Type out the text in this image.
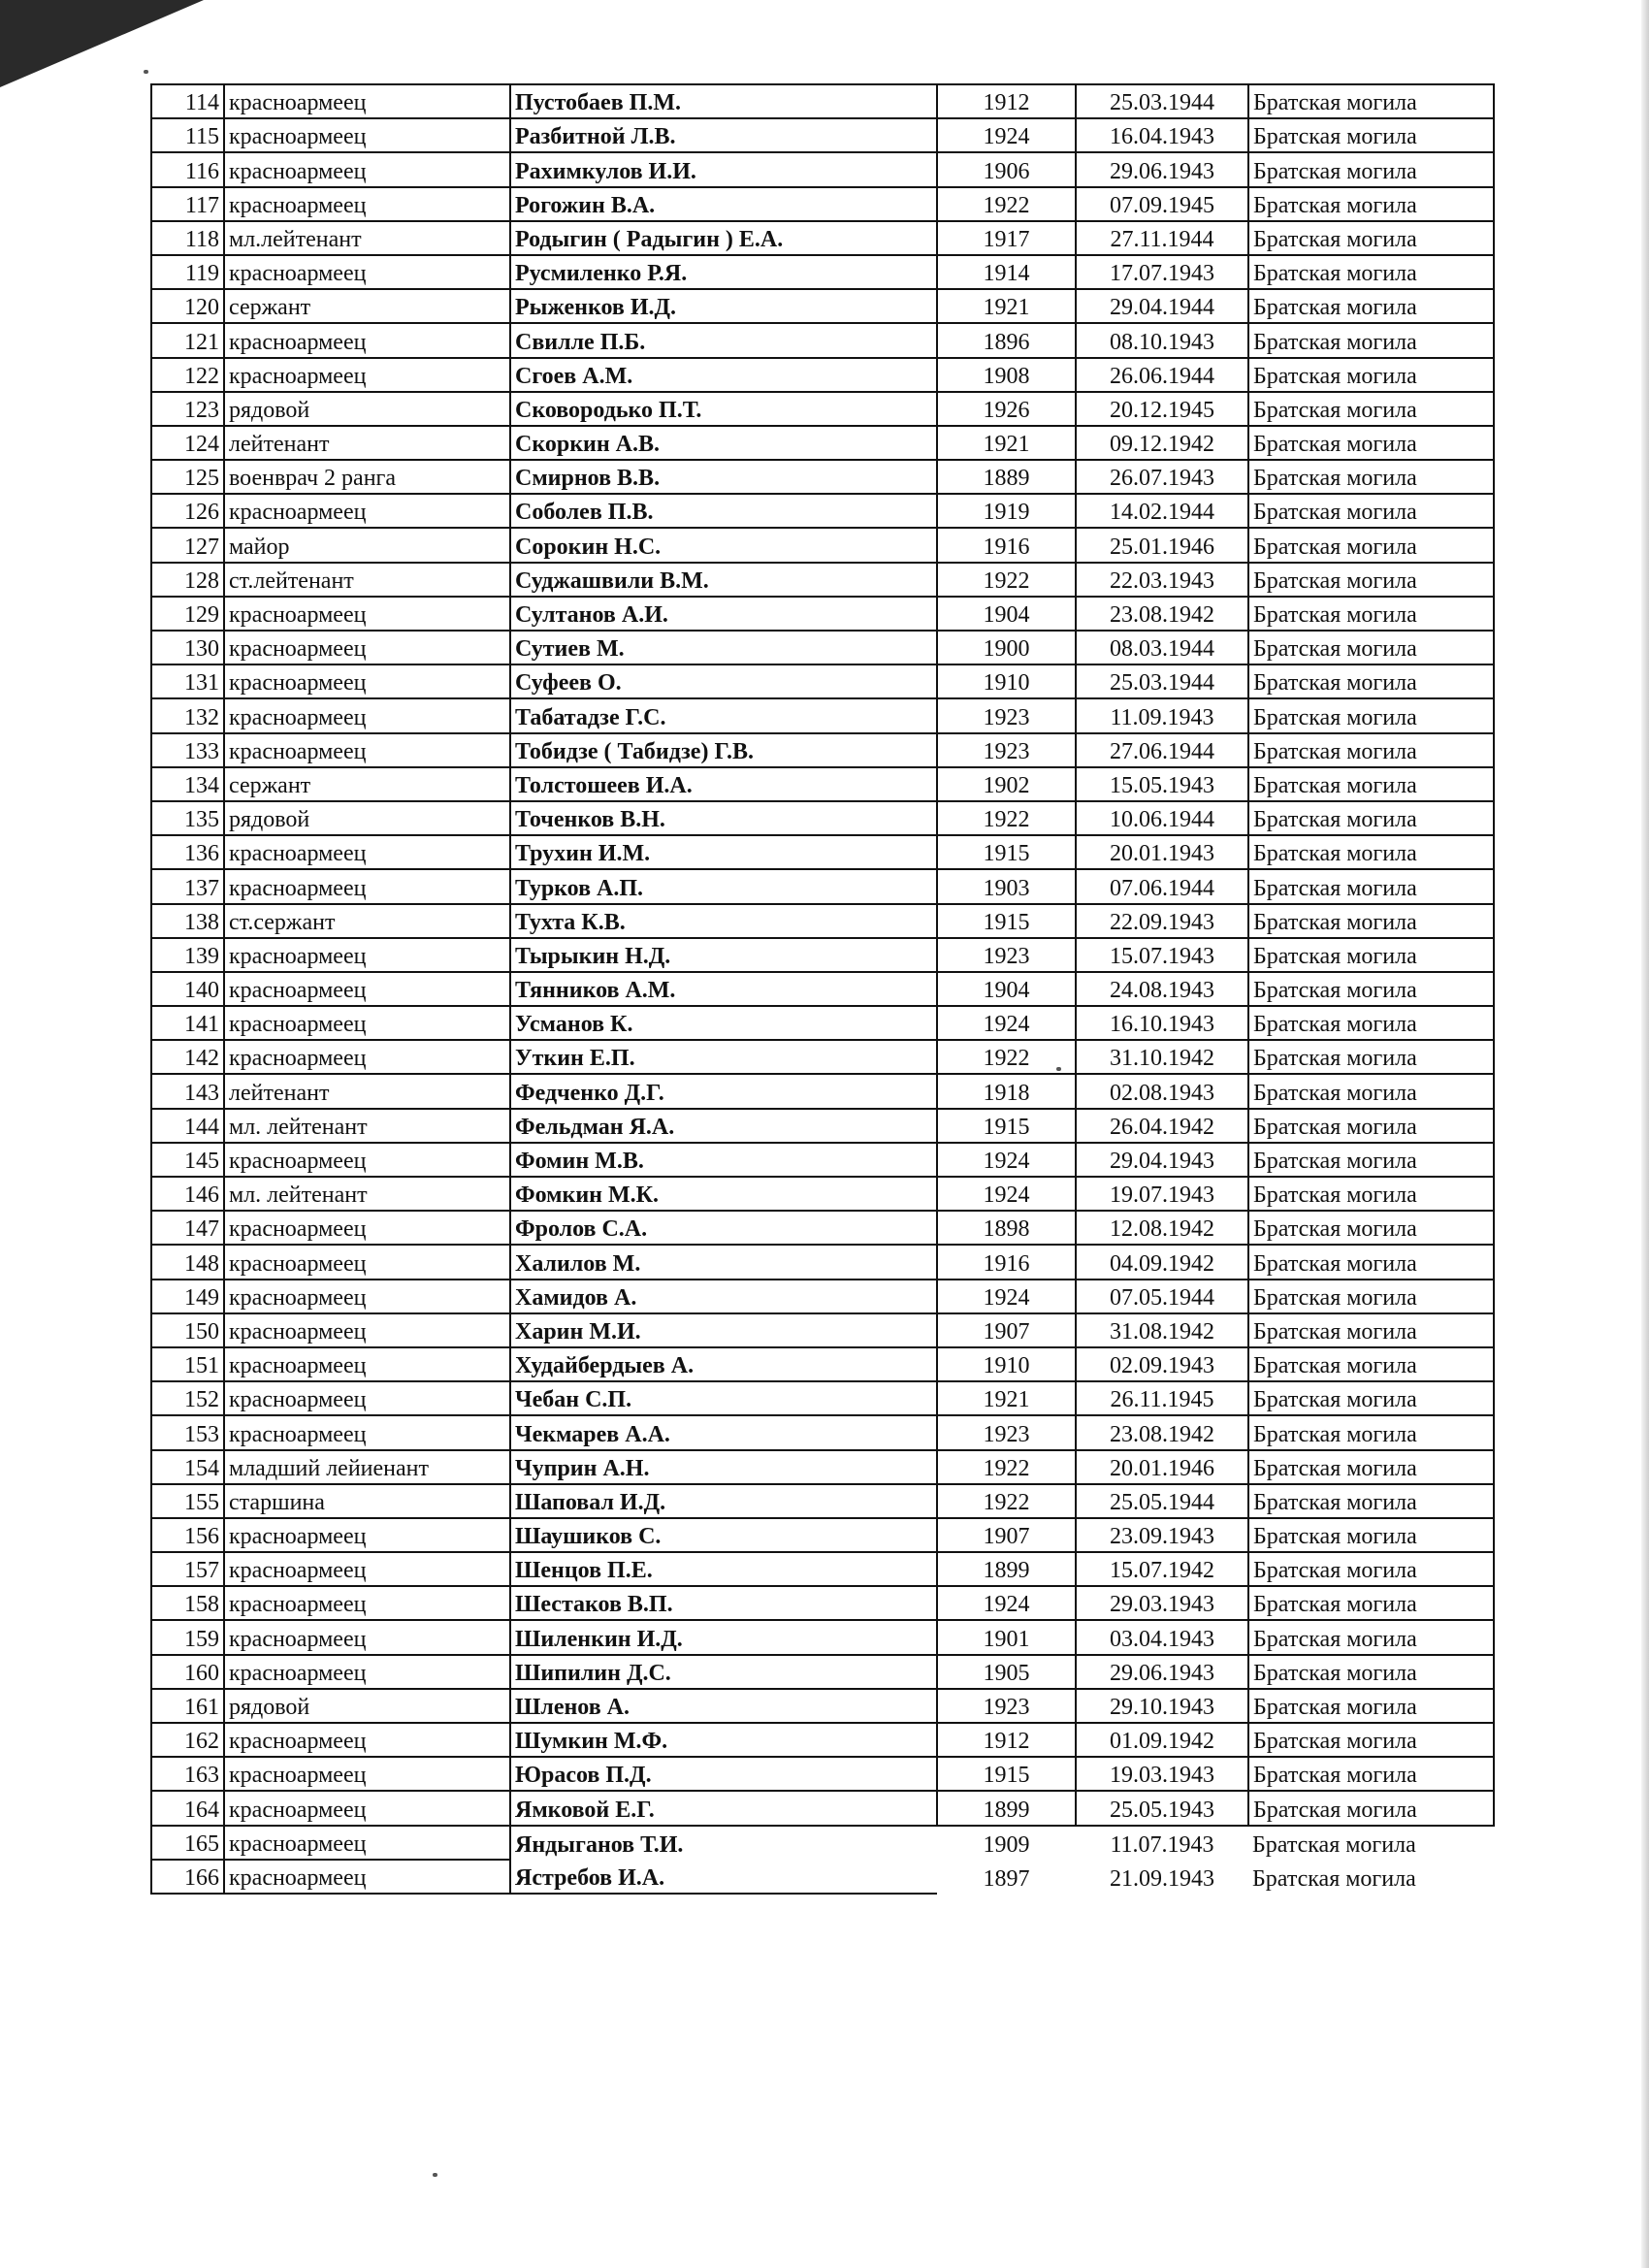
114	красноармеец	Пустобаев П.М.	1912	25.03.1944	Братская могила
115	красноармеец	Разбитной Л.В.	1924	16.04.1943	Братская могила
116	красноармеец	Рахимкулов И.И.	1906	29.06.1943	Братская могила
117	красноармеец	Рогожин В.А.	1922	07.09.1945	Братская могила
118	мл.лейтенант	Родыгин ( Радыгин ) Е.А.	1917	27.11.1944	Братская могила
119	красноармеец	Русмиленко Р.Я.	1914	17.07.1943	Братская могила
120	сержант	Рыженков И.Д.	1921	29.04.1944	Братская могила
121	красноармеец	Свилле П.Б.	1896	08.10.1943	Братская могила
122	красноармеец	Сгоев А.М.	1908	26.06.1944	Братская могила
123	рядовой	Сковородько П.Т.	1926	20.12.1945	Братская могила
124	лейтенант	Скоркин А.В.	1921	09.12.1942	Братская могила
125	военврач 2 ранга	Смирнов В.В.	1889	26.07.1943	Братская могила
126	красноармеец	Соболев П.В.	1919	14.02.1944	Братская могила
127	майор	Сорокин Н.С.	1916	25.01.1946	Братская могила
128	ст.лейтенант	Суджашвили В.М.	1922	22.03.1943	Братская могила
129	красноармеец	Султанов А.И.	1904	23.08.1942	Братская могила
130	красноармеец	Сутиев М.	1900	08.03.1944	Братская могила
131	красноармеец	Суфеев О.	1910	25.03.1944	Братская могила
132	красноармеец	Табатадзе Г.С.	1923	11.09.1943	Братская могила
133	красноармеец	Тобидзе ( Табидзе) Г.В.	1923	27.06.1944	Братская могила
134	сержант	Толстошеев И.А.	1902	15.05.1943	Братская могила
135	рядовой	Точенков В.Н.	1922	10.06.1944	Братская могила
136	красноармеец	Трухин И.М.	1915	20.01.1943	Братская могила
137	красноармеец	Турков А.П.	1903	07.06.1944	Братская могила
138	ст.сержант	Тухта К.В.	1915	22.09.1943	Братская могила
139	красноармеец	Тырыкин Н.Д.	1923	15.07.1943	Братская могила
140	красноармеец	Тянников А.М.	1904	24.08.1943	Братская могила
141	красноармеец	Усманов К.	1924	16.10.1943	Братская могила
142	красноармеец	Уткин Е.П.	1922	31.10.1942	Братская могила
143	лейтенант	Федченко Д.Г.	1918	02.08.1943	Братская могила
144	мл. лейтенант	Фельдман Я.А.	1915	26.04.1942	Братская могила
145	красноармеец	Фомин М.В.	1924	29.04.1943	Братская могила
146	мл. лейтенант	Фомкин М.К.	1924	19.07.1943	Братская могила
147	красноармеец	Фролов С.А.	1898	12.08.1942	Братская могила
148	красноармеец	Халилов М.	1916	04.09.1942	Братская могила
149	красноармеец	Хамидов А.	1924	07.05.1944	Братская могила
150	красноармеец	Харин М.И.	1907	31.08.1942	Братская могила
151	красноармеец	Худайбердыев А.	1910	02.09.1943	Братская могила
152	красноармеец	Чебан С.П.	1921	26.11.1945	Братская могила
153	красноармеец	Чекмарев А.А.	1923	23.08.1942	Братская могила
154	младший лейиенант	Чуприн А.Н.	1922	20.01.1946	Братская могила
155	старшина	Шаповал И.Д.	1922	25.05.1944	Братская могила
156	красноармеец	Шаушиков С.	1907	23.09.1943	Братская могила
157	красноармеец	Шенцов П.Е.	1899	15.07.1942	Братская могила
158	красноармеец	Шестаков В.П.	1924	29.03.1943	Братская могила
159	красноармеец	Шиленкин И.Д.	1901	03.04.1943	Братская могила
160	красноармеец	Шипилин Д.С.	1905	29.06.1943	Братская могила
161	рядовой	Шленов А.	1923	29.10.1943	Братская могила
162	красноармеец	Шумкин М.Ф.	1912	01.09.1942	Братская могила
163	красноармеец	Юрасов П.Д.	1915	19.03.1943	Братская могила
164	красноармеец	Ямковой Е.Г.	1899	25.05.1943	Братская могила
165	красноармеец	Яндыганов Т.И.	1909	11.07.1943	Братская могила
166	красноармеец	Ястребов И.А.	1897	21.09.1943	Братская могила
